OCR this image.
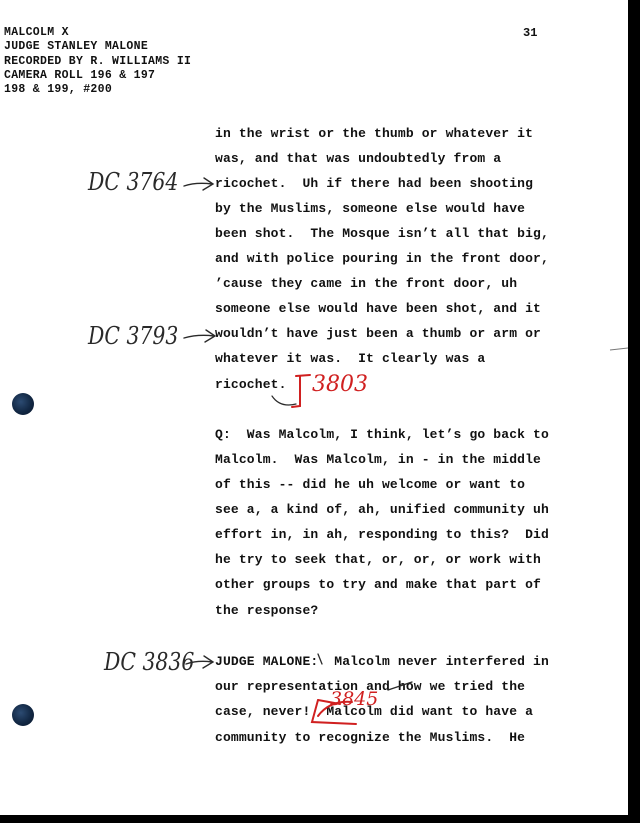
MALCOLM X
JUDGE STANLEY MALONE
RECORDED BY R. WILLIAMS II
CAMERA ROLL 196 & 197
198 & 199, #200
31
in the wrist or the thumb or whatever it
was, and that was undoubtedly from a
ricochet.  Uh if there had been shooting
by the Muslims, someone else would have
been shot.  The Mosque isn’t all that big,
and with police pouring in the front door,
’cause they came in the front door, uh
someone else would have been shot, and it
wouldn’t have just been a thumb or arm or
whatever it was.  It clearly was a
ricochet.
Q:  Was Malcolm, I think, let’s go back to
Malcolm.  Was Malcolm, in - in the middle
of this -- did he uh welcome or want to
see a, a kind of, ah, unified community uh
effort in, in ah, responding to this?  Did
he try to seek that, or, or, or work with
other groups to try and make that part of
the response?
JUDGE MALONE:  Malcolm never interfered in
our representation and how we tried the
case, never!  Malcolm did want to have a
community to recognize the Muslims.  He
DC 3764
DC 3793
DC 3836
3803
3845
